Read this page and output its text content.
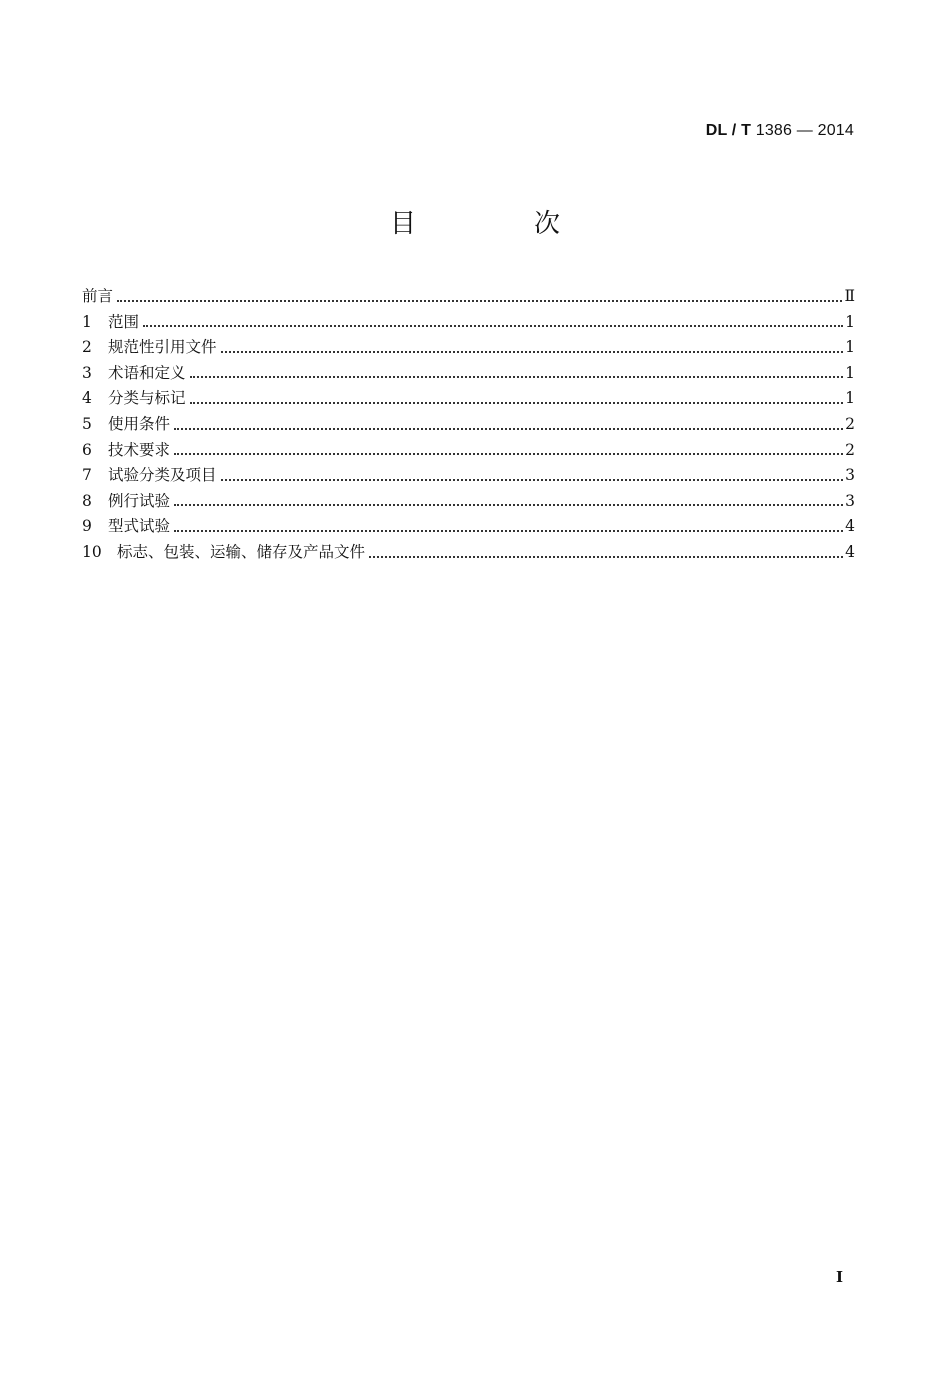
DL / T 1386 — 2014
目　次
前言	Ⅱ
1	范围	1
2	规范性引用文件	1
3	术语和定义	1
4	分类与标记	1
5	使用条件	2
6	技术要求	2
7	试验分类及项目	3
8	例行试验	3
9	型式试验	4
10 标志、包装、运输、储存及产品文件	4
I
